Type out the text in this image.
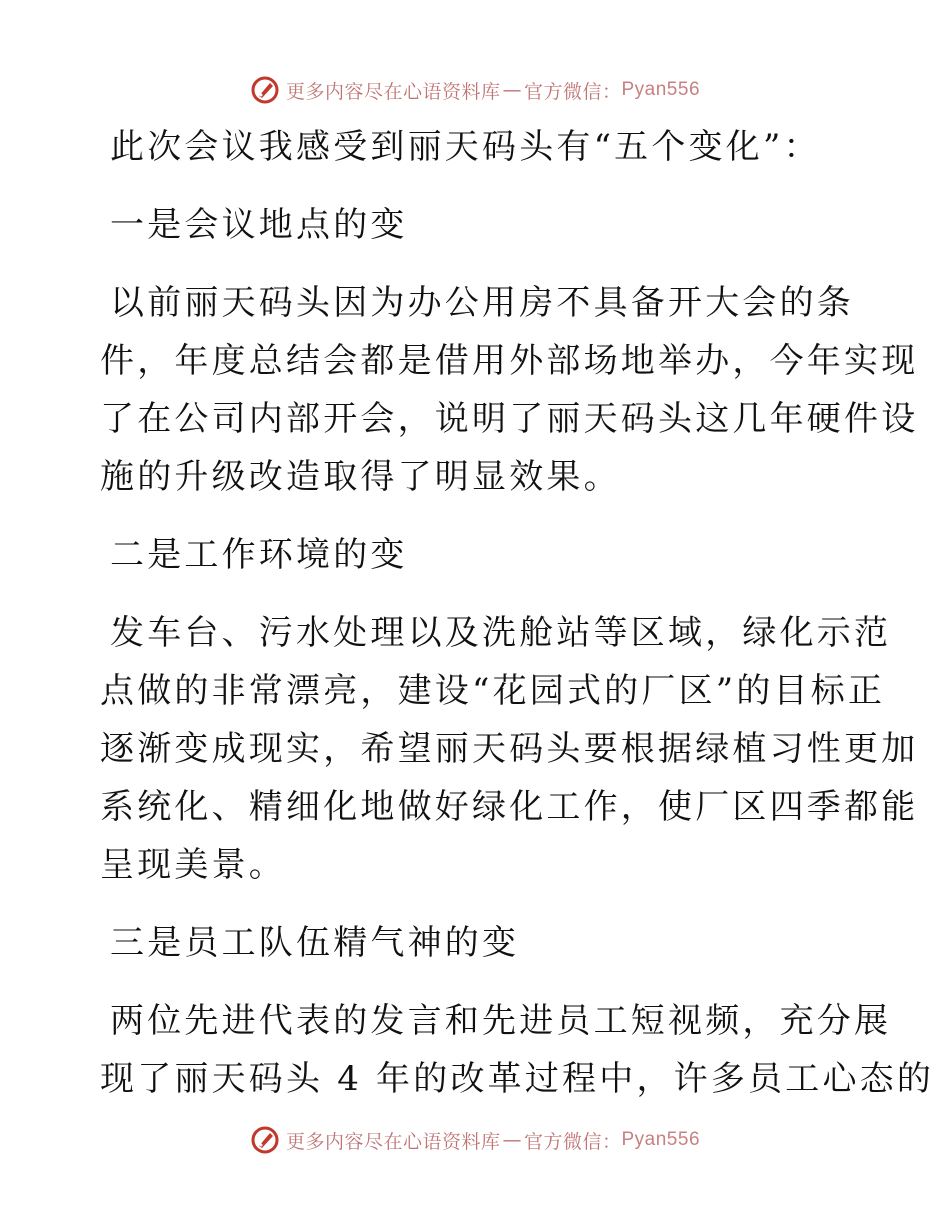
更多内容尽在心语资料库 — 官方微信： Pyan556
此次会议我感受到丽天码头有“五个变化”：
一是会议地点的变
以前丽天码头因为办公用房不具备开大会的条
件，年度总结会都是借用外部场地举办，今年实现
了在公司内部开会，说明了丽天码头这几年硬件设
施的升级改造取得了明显效果。
二是工作环境的变
发车台、污水处理以及洗舱站等区域，绿化示范
点做的非常漂亮，建设“花园式的厂区”的目标正
逐渐变成现实，希望丽天码头要根据绿植习性更加
系统化、精细化地做好绿化工作，使厂区四季都能
呈现美景。
三是员工队伍精气神的变
两位先进代表的发言和先进员工短视频，充分展
现了丽天码头 4 年的改革过程中，许多员工心态的
更多内容尽在心语资料库 — 官方微信： Pyan556
